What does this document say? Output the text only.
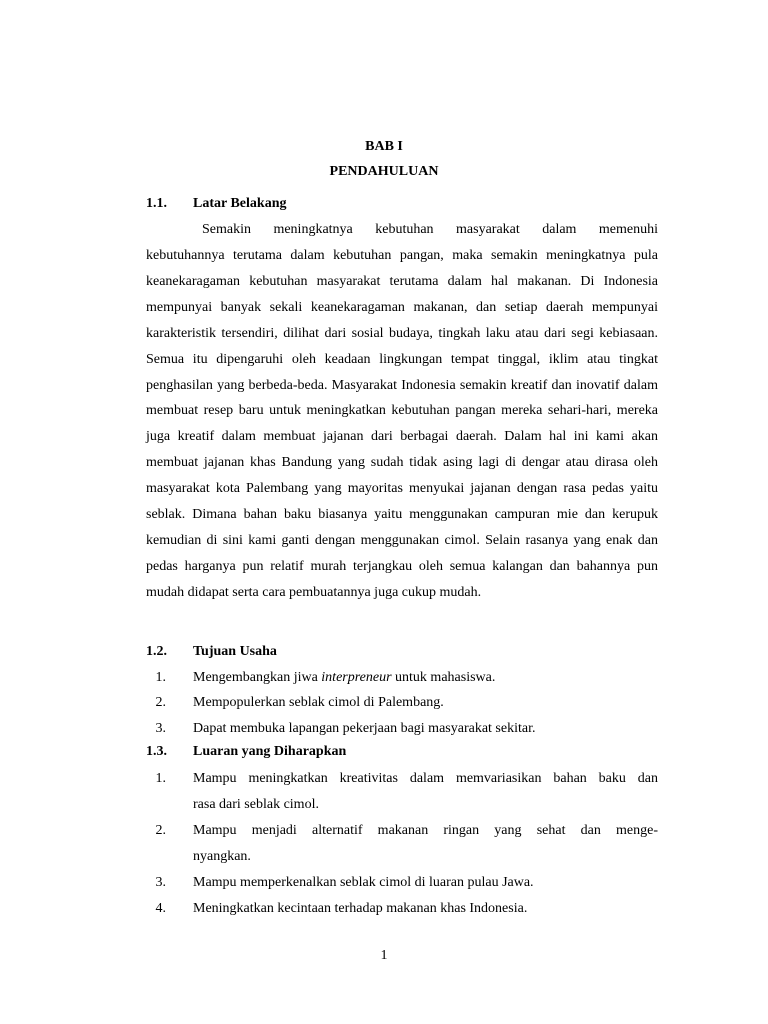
BAB I
PENDAHULUAN
1.1. Latar Belakang
Semakin meningkatnya kebutuhan masyarakat dalam memenuhi
kebutuhannya terutama dalam kebutuhan pangan, maka semakin meningkatnya pula keanekaragaman kebutuhan masyarakat terutama dalam hal makanan. Di Indonesia mempunyai banyak sekali keanekaragaman makanan, dan setiap daerah mempunyai karakteristik tersendiri, dilihat dari sosial budaya, tingkah laku atau dari segi kebiasaan. Semua itu dipengaruhi oleh keadaan lingkungan tempat tinggal, iklim atau tingkat penghasilan yang berbeda-beda. Masyarakat Indonesia semakin kreatif dan inovatif dalam membuat resep baru untuk meningkatkan kebutuhan pangan mereka sehari-hari, mereka juga kreatif dalam membuat jajanan dari berbagai daerah. Dalam hal ini kami akan membuat jajanan khas Bandung yang sudah tidak asing lagi di dengar atau dirasa oleh masyarakat kota Palembang yang mayoritas menyukai jajanan dengan rasa pedas yaitu seblak. Dimana bahan baku biasanya yaitu menggunakan campuran mie dan kerupuk kemudian di sini kami ganti dengan menggunakan cimol. Selain rasanya yang enak dan pedas harganya pun relatif murah terjangkau oleh semua kalangan dan bahannya pun mudah didapat serta cara pembuatannya juga cukup mudah.
1.2. Tujuan Usaha
1. Mengembangkan jiwa interpreneur untuk mahasiswa.
2. Mempopulerkan seblak cimol di Palembang.
3. Dapat membuka lapangan pekerjaan bagi masyarakat sekitar.
1.3. Luaran yang Diharapkan
1. Mampu meningkatkan kreativitas dalam memvariasikan bahan baku dan
rasa dari seblak cimol.
2. Mampu menjadi alternatif makanan ringan yang sehat dan menge-
nyangkan.
3. Mampu memperkenalkan seblak cimol di luaran pulau Jawa.
4. Meningkatkan kecintaan terhadap makanan khas Indonesia.
1
